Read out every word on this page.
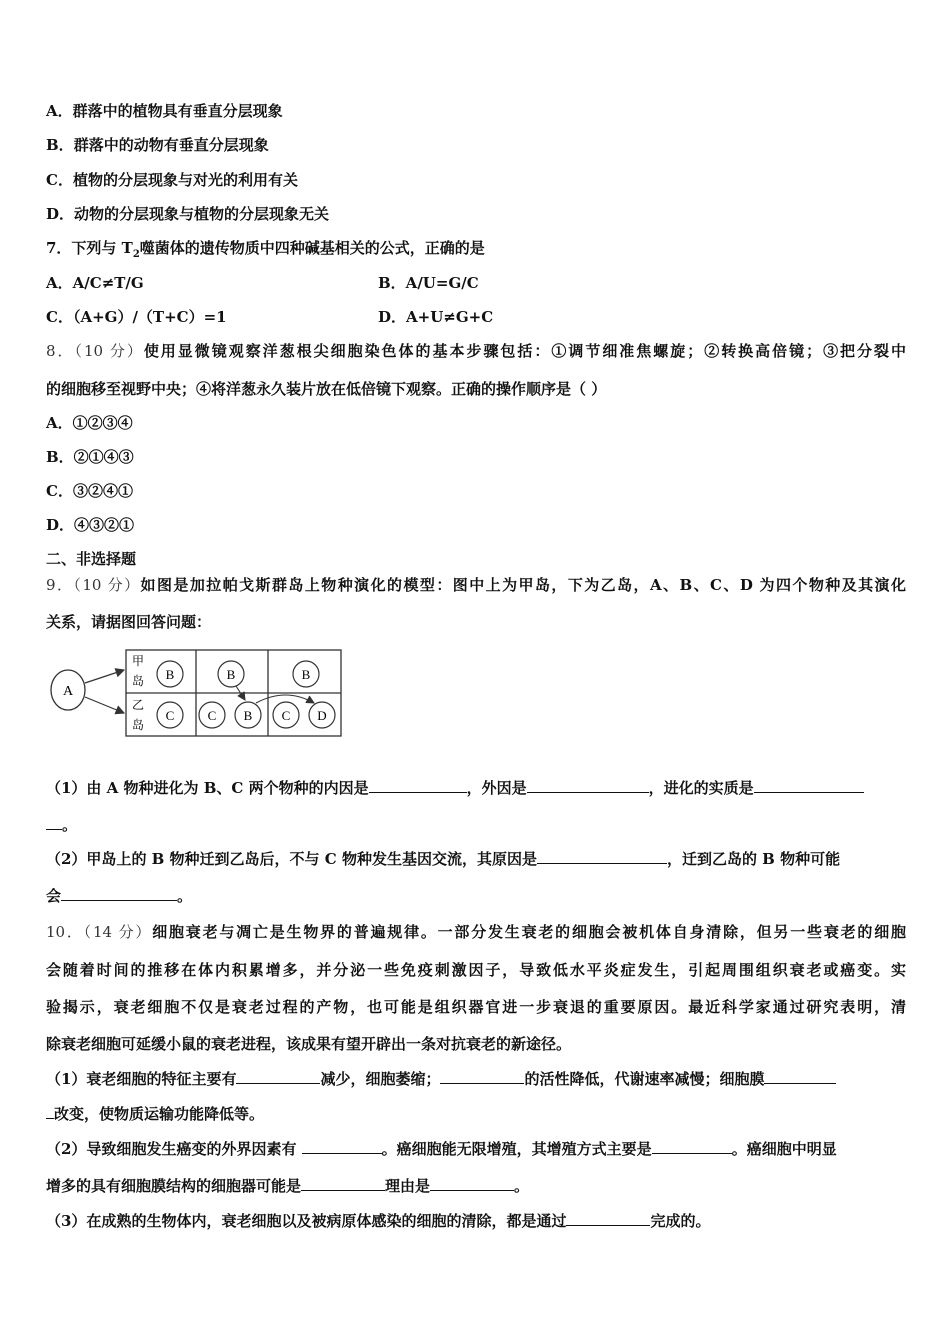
A．群落中的植物具有垂直分层现象
B．群落中的动物有垂直分层现象
C．植物的分层现象与对光的利用有关
D．动物的分层现象与植物的分层现象无关
7．下列与 $T_2$噬菌体的遗传物质中四种碱基相关的公式，正确的是
A．A/C≠T/G	B．A/U=G/C
C．（A+G）/（T+C）=1	D．A+U≠G+C
8．（10 分）使用显微镜观察洋葱根尖细胞染色体的基本步骤包括：①调节细准焦螺旋；②转换高倍镜；③把分裂中
的细胞移至视野中央；④将洋葱永久装片放在低倍镜下观察。正确的操作顺序是（ ）
A．①②③④
B．②①④③
C．③②④①
D．④③②①
二、非选择题
9．（10 分）如图是加拉帕戈斯群岛上物种演化的模型：图中上为甲岛，下为乙岛，A、B、C、D 为四个物种及其演化
关系，请据图回答问题：
A
甲
岛
乙
岛
B
C
B
C B
B
C D
（1）由 A 物种进化为 B、C 两个物种的内因是	，外因是	，进化的实质是
。
（2）甲岛上的 B 物种迁到乙岛后，不与 C 物种发生基因交流，其原因是	，迁到乙岛的 B 物种可能
会	。
10．（14 分）细胞衰老与凋亡是生物界的普遍规律。一部分发生衰老的细胞会被机体自身清除，但另一些衰老的细胞
会随着时间的推移在体内积累增多，并分泌一些免疫刺激因子，导致低水平炎症发生，引起周围组织衰老或癌变。实
验揭示，衰老细胞不仅是衰老过程的产物，也可能是组织器官进一步衰退的重要原因。最近科学家通过研究表明，清
除衰老细胞可延缓小鼠的衰老进程，该成果有望开辟出一条对抗衰老的新途径。
（1）衰老细胞的特征主要有	减少，细胞萎缩；	的活性降低，代谢速率减慢；细胞膜
改变，使物质运输功能降低等。
（2）导致细胞发生癌变的外界因素有	。癌细胞能无限增殖，其增殖方式主要是	。癌细胞中明显
增多的具有细胞膜结构的细胞器可能是	理由是	。
（3）在成熟的生物体内，衰老细胞以及被病原体感染的细胞的清除，都是通过	完成的。
